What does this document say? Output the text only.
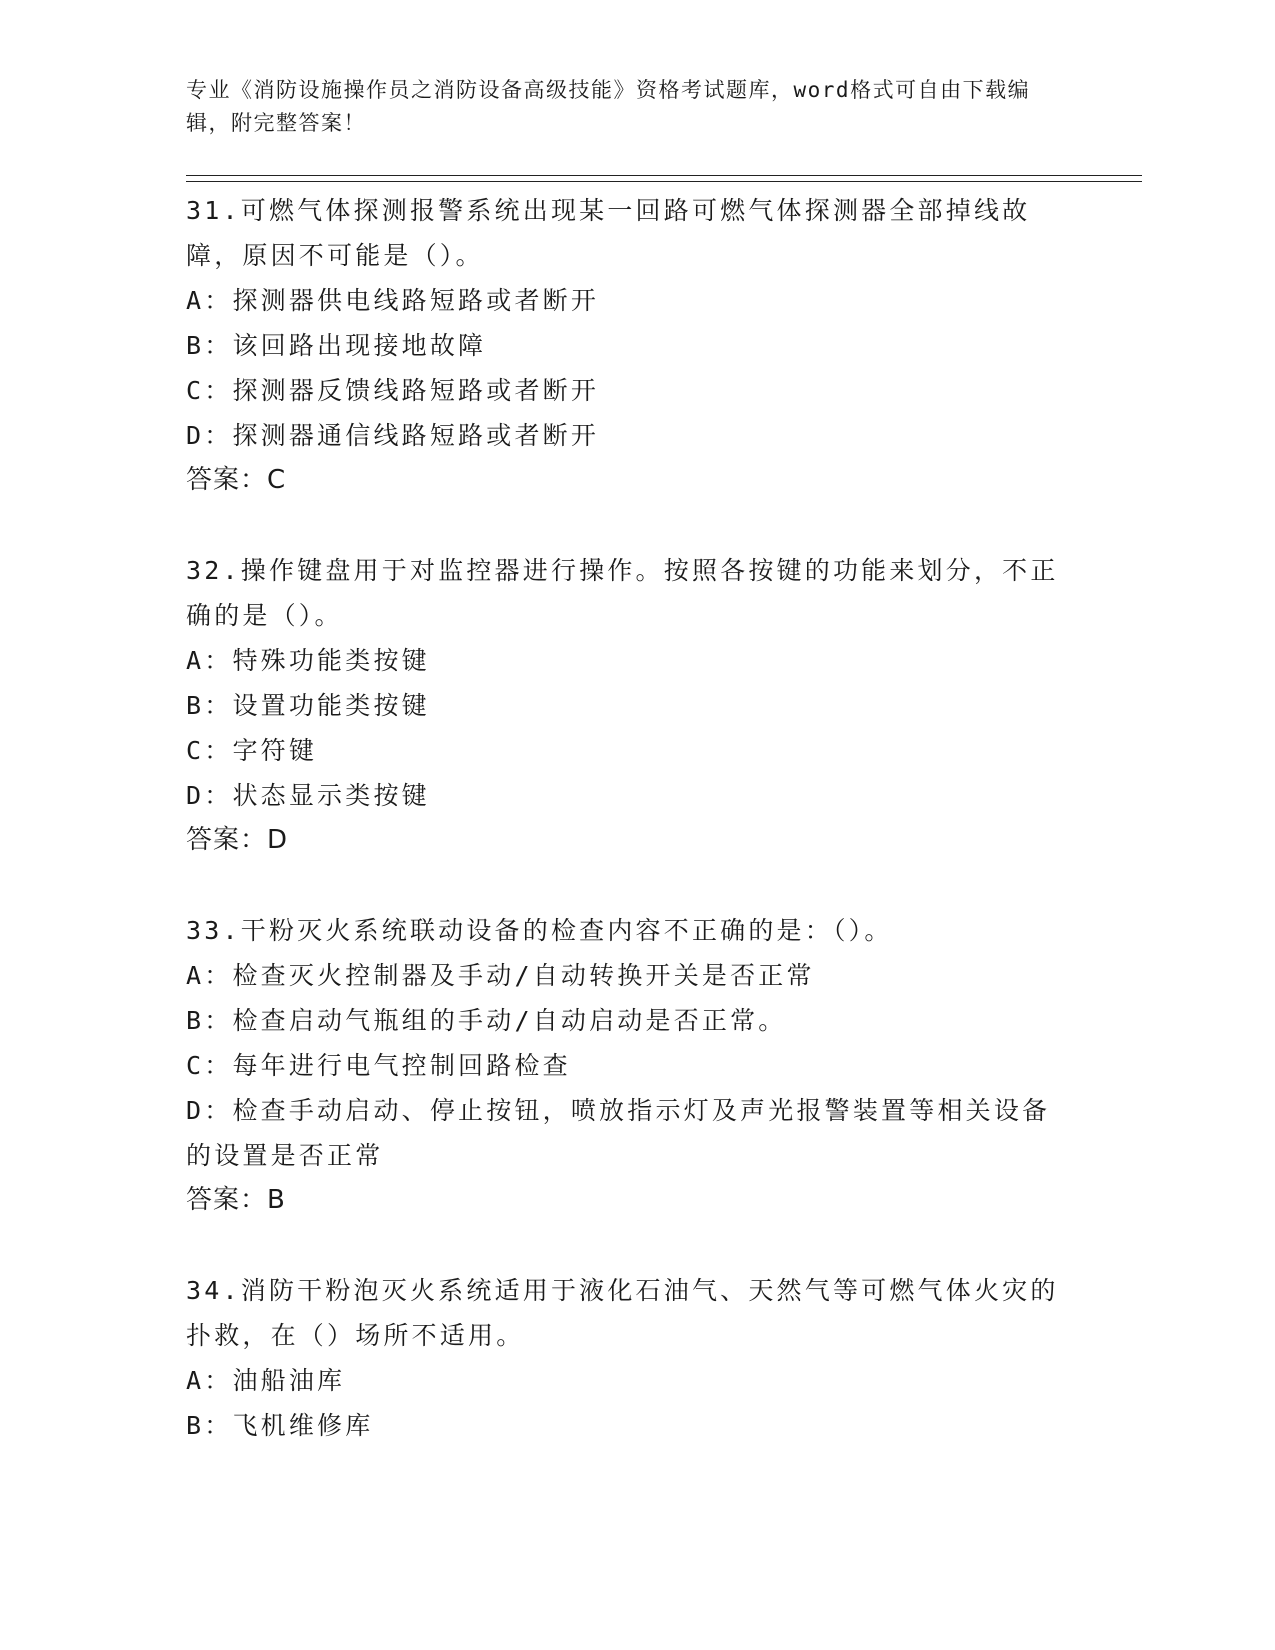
专业《消防设施操作员之消防设备高级技能》资格考试题库，word格式可自由下载编辑，附完整答案！
31.可燃气体探测报警系统出现某一回路可燃气体探测器全部掉线故障，原因不可能是（）。
A：探测器供电线路短路或者断开
B：该回路出现接地故障
C：探测器反馈线路短路或者断开
D：探测器通信线路短路或者断开
答案：C
32.操作键盘用于对监控器进行操作。按照各按键的功能来划分，不正确的是（）。
A：特殊功能类按键
B：设置功能类按键
C：字符键
D：状态显示类按键
答案：D
33.干粉灭火系统联动设备的检查内容不正确的是：（）。
A：检查灭火控制器及手动/自动转换开关是否正常
B：检查启动气瓶组的手动/自动启动是否正常。
C：每年进行电气控制回路检查
D：检查手动启动、停止按钮，喷放指示灯及声光报警装置等相关设备的设置是否正常
答案：B
34.消防干粉泡灭火系统适用于液化石油气、天然气等可燃气体火灾的扑救，在（）场所不适用。
A：油船油库
B：飞机维修库
